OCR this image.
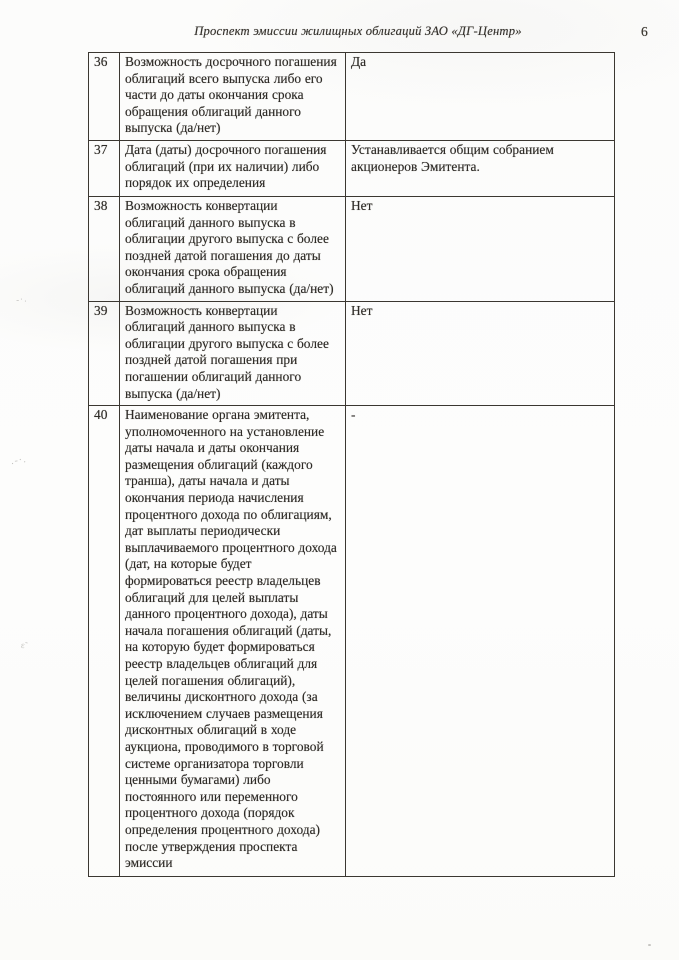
Проспект эмиссии жилищных облигаций ЗАО «ДГ-Центр»	6
36	Возможность досрочного погашения облигаций всего выпуска либо его части до даты окончания срока обращения облигаций данного выпуска (да/нет)	Да
37	Дата (даты) досрочного погашения облигаций (при их наличии) либо порядок их определения	Устанавливается общим собранием акционеров Эмитента.
38	Возможность конвертации облигаций данного выпуска в облигации другого выпуска с более поздней датой погашения до даты окончания срока обращения облигаций данного выпуска (да/нет)	Нет
39	Возможность конвертации облигаций данного выпуска в облигации другого выпуска с более поздней датой погашения при погашении облигаций данного выпуска (да/нет)	Нет
40	Наименование органа эмитента, уполномоченного на установление даты начала и даты окончания размещения облигаций (каждого транша), даты начала и даты окончания периода начисления процентного дохода по облигациям, дат выплаты периодически выплачиваемого процентного дохода (дат, на которые будет формироваться реестр владельцев облигаций для целей выплаты данного процентного дохода), даты начала погашения облигаций (даты, на которую будет формироваться реестр владельцев облигаций для целей погашения облигаций), величины дисконтного дохода (за исключением случаев размещения дисконтных облигаций в ходе аукциона, проводимого в торговой системе организатора торговли ценными бумагами) либо постоянного или переменного процентного дохода (порядок определения процентного дохода) после утверждения проспекта эмиссии	-
-·.
.-·.
ε̃
